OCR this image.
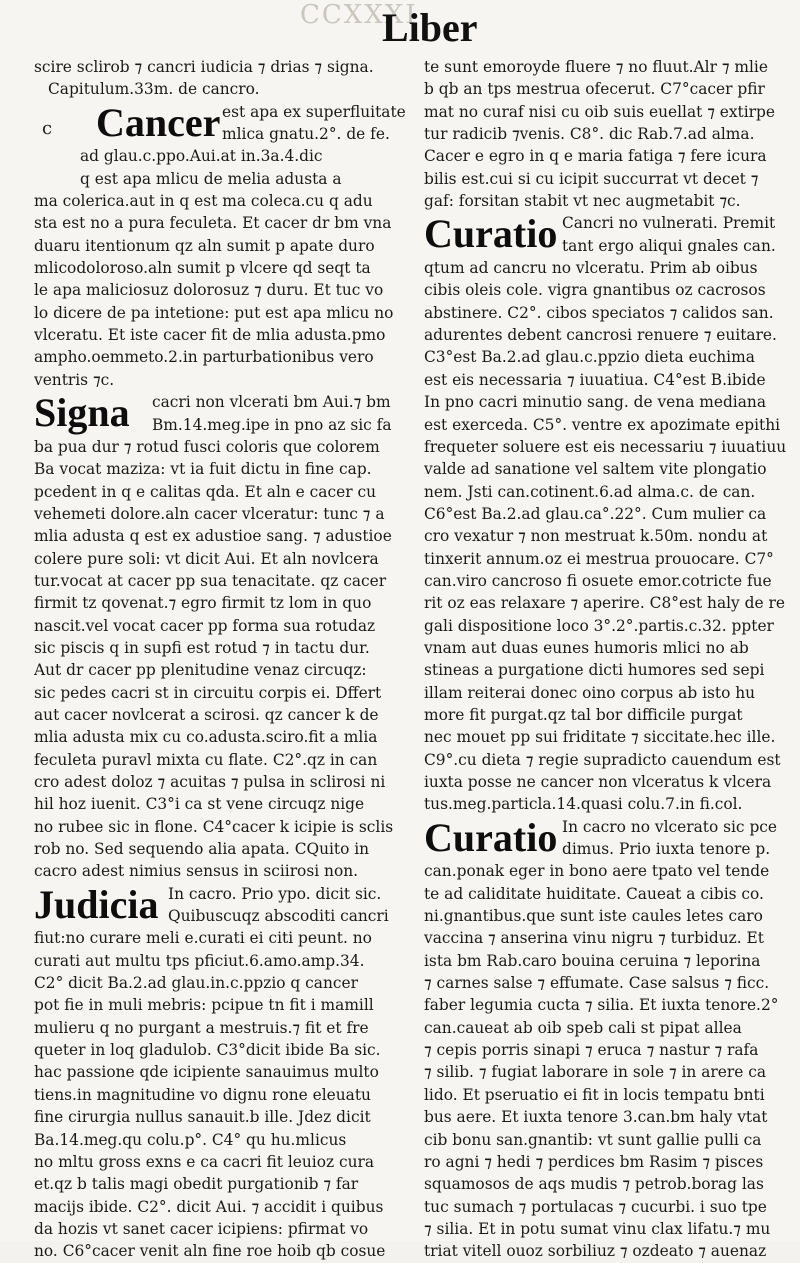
CCXXXI
Liber
c
scire sclirob ⁊ cancri iudicia ⁊ drias ⁊ signa.
Capitulum.33m. de cancro.
Cancer est apa ex superfluitate
mlica gnatu.2°. de fe.
ad glau.c.ppo.Aui.at in.3a.4.dic
q est apa mlicu de melia adusta a
ma colerica.aut in q est ma coleca.cu q adu
sta est no a pura feculeta. Et cacer dr bm vna
duaru itentionum qz aln sumit p apate duro
mlicodoloroso.aln sumit p vlcere qd seqt ta
le apa maliciosuz dolorosuz ⁊ duru. Et tuc vo
lo dicere de pa intetione: put est apa mlicu no
vlceratu. Et iste cacer fit de mlia adusta.pmo
ampho.oemmeto.2.in parturbationibus vero
ventris ⁊c.
Signa cacri non vlcerati bm Aui.⁊ bm
Bm.14.meg.ipe in pno az sic fa
ba pua dur ⁊ rotud fusci coloris que colorem
Ba vocat maziza: vt ia fuit dictu in fine cap.
pcedent in q e calitas qda. Et aln e cacer cu
vehemeti dolore.aln cacer vlceratur: tunc ⁊ a
mlia adusta q est ex adustioe sang. ⁊ adustioe
colere pure soli: vt dicit Aui. Et aln novlcera
tur.vocat at cacer pp sua tenacitate. qz cacer
firmit tz qovenat.⁊ egro firmit tz lom in quo
nascit.vel vocat cacer pp forma sua rotudaz
sic piscis q in supfi est rotud ⁊ in tactu dur.
Aut dr cacer pp plenitudine venaz circuqz:
sic pedes cacri st in circuitu corpis ei. Dffert
aut cacer novlcerat a scirosi. qz cancer k de
mlia adusta mix cu co.adusta.sciro.fit a mlia
feculeta puravl mixta cu flate. C2°.qz in can
cro adest doloz ⁊ acuitas ⁊ pulsa in sclirosi ni
hil hoz iuenit. C3°i ca st vene circuqz nige
no rubee sic in flone. C4°cacer k icipie is sclis
rob no. Sed sequendo alia apata. CQuito in
cacro adest nimius sensus in sciirosi non.
Judicia In cacro. Prio ypo. dicit sic.
Quibuscuqz abscoditi cancri
fiut:no curare meli e.curati ei citi peunt. no
curati aut multu tps pficiut.6.amo.amp.34.
C2° dicit Ba.2.ad glau.in.c.ppzio q cancer
pot fie in muli mebris: pcipue tn fit i mamill
mulieru q no purgant a mestruis.⁊ fit et fre
queter in loq gladulob. C3°dicit ibide Ba sic.
hac passione qde icipiente sanauimus multo
tiens.in magnitudine vo dignu rone eleuatu
fine cirurgia nullus sanauit.b ille. Jdez dicit
Ba.14.meg.qu colu.p°. C4° qu hu.mlicus
no mltu gross exns e ca cacri fit leuioz cura
et.qz b talis magi obedit purgationib ⁊ far
macijs ibide. C2°. dicit Aui. ⁊ accidit i quibus
da hozis vt sanet cacer icipiens: pfirmat vo
no. C6°cacer venit aln fine roe hoib qb cosue
te sunt emoroyde fluere ⁊ no fluut.Alr ⁊ mlie
b qb an tps mestrua ofecerut. C7°cacer pfir
mat no curaf nisi cu oib suis euellat ⁊ extirpe
tur radicib ⁊venis. C8°. dic Rab.7.ad alma.
Cacer e egro in q e maria fatiga ⁊ fere icura
bilis est.cui si cu icipit succurrat vt decet ⁊
gaf: forsitan stabit vt nec augmetabit ⁊c.
Curatio Cancri no vulnerati. Premit
tant ergo aliqui gnales can.
qtum ad cancru no vlceratu. Prim ab oibus
cibis oleis cole. vigra gnantibus oz cacrosos
abstinere. C2°. cibos speciatos ⁊ calidos san.
adurentes debent cancrosi renuere ⁊ euitare.
C3°est Ba.2.ad glau.c.ppzio dieta euchima
est eis necessaria ⁊ iuuatiua. C4°est B.ibide
In pno cacri minutio sang. de vena mediana
est exerceda. C5°. ventre ex apozimate epithi
frequeter soluere est eis necessariu ⁊ iuuatiuu
valde ad sanatione vel saltem vite plongatio
nem. Jsti can.cotinent.6.ad alma.c. de can.
C6°est Ba.2.ad glau.ca°.22°. Cum mulier ca
cro vexatur ⁊ non mestruat k.50m. nondu at
tinxerit annum.oz ei mestrua prouocare. C7°
can.viro cancroso fi osuete emor.cotricte fue
rit oz eas relaxare ⁊ aperire. C8°est haly de re
gali dispositione loco 3°.2°.partis.c.32. ppter
vnam aut duas eunes humoris mlici no ab
stineas a purgatione dicti humores sed sepi
illam reiterai donec oino corpus ab isto hu
more fit purgat.qz tal bor difficile purgat
nec mouet pp sui friditate ⁊ siccitate.hec ille.
C9°.cu dieta ⁊ regie supradicto cauendum est
iuxta posse ne cancer non vlceratus k vlcera
tus.meg.particla.14.quasi colu.7.in fi.col.
Curatio In cacro no vlcerato sic pce
dimus. Prio iuxta tenore p.
can.ponak eger in bono aere tpato vel tende
te ad caliditate huiditate. Caueat a cibis co.
ni.gnantibus.que sunt iste caules letes caro
vaccina ⁊ anserina vinu nigru ⁊ turbiduz. Et
ista bm Rab.caro bouina ceruina ⁊ leporina
⁊ carnes salse ⁊ effumate. Case salsus ⁊ ficc.
faber legumia cucta ⁊ silia. Et iuxta tenore.2°
can.caueat ab oib speb cali st pipat allea
⁊ cepis porris sinapi ⁊ eruca ⁊ nastur ⁊ rafa
⁊ silib. ⁊ fugiat laborare in sole ⁊ in arere ca
lido. Et pseruatio ei fit in locis tempatu bnti
bus aere. Et iuxta tenore 3.can.bm haly vtat
cib bonu san.gnantib: vt sunt gallie pulli ca
ro agni ⁊ hedi ⁊ perdices bm Rasim ⁊ pisces
squamosos de aqs mudis ⁊ petrob.borag las
tuc sumach ⁊ portulacas ⁊ cucurbi. i suo tpe
⁊ silia. Et in potu sumat vinu clax lifatu.⁊ mu
triat vitell ouoz sorbiliuz ⁊ ozdeato ⁊ auenaz
